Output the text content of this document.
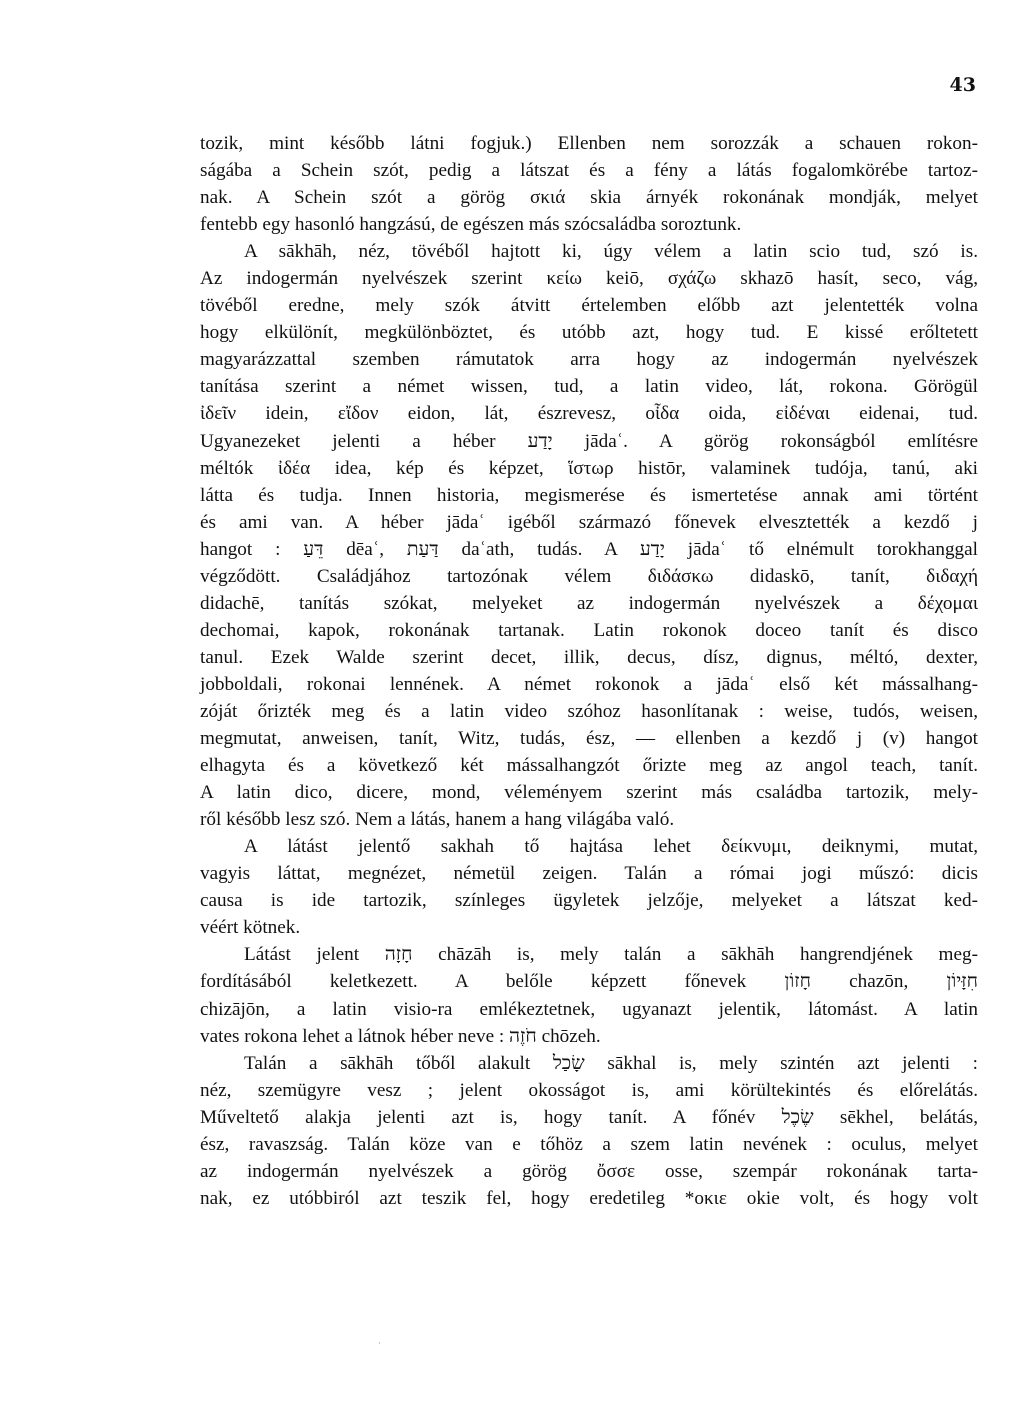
43
tozik, mint később látni fogjuk.) Ellenben nem sorozzák a schauen rokon-
ságába a Schein szót, pedig a látszat és a fény a látás fogalomkörébe tartoz-
nak. A Schein szót a görög σκιά skia árnyék rokonának mondják, melyet
fentebb egy hasonló hangzású, de egészen más szócsaládba soroztunk.
A sākhāh, néz, tövéből hajtott ki, úgy vélem a latin scio tud, szó is.
Az indogermán nyelvészek szerint κείω keiō, σχάζω skhazō hasít, seco, vág,
tövéből eredne, mely szók átvitt értelemben előbb azt jelentették volna
hogy elkülönít, megkülönböztet, és utóbb azt, hogy tud. E kissé erőltetett
magyarázzattal szemben rámutatok arra hogy az indogermán nyelvészek
tanítása szerint a német wissen, tud, a latin video, lát, rokona. Görögül
ἰδεῖν idein, εἴδον eidon, lát, észrevesz, οἶδα oida, εἰδέναι eidenai, tud.
Ugyanezeket jelenti a héber יָדַע jādaʿ. A görög rokonságból említésre
méltók ἰδέα idea, kép és képzet, ἵστωρ histōr, valaminek tudója, tanú, aki
látta és tudja. Innen historia, megismerése és ismertetése annak ami történt
és ami van. A héber jādaʿ igéből származó főnevek elvesztették a kezdő j
hangot : דֵּעַ dēaʿ, דַּעַת daʿath, tudás. A יָדַע jādaʿ tő elnémult torokhanggal
végződött. Családjához tartozónak vélem διδάσκω didaskō, tanít, διδαχή
didachē, tanítás szókat, melyeket az indogermán nyelvészek a δέχομαι
dechomai, kapok, rokonának tartanak. Latin rokonok doceo tanít és disco
tanul. Ezek Walde szerint decet, illik, decus, dísz, dignus, méltó, dexter,
jobboldali, rokonai lennének. A német rokonok a jādaʿ első két mássalhang-
zóját őrizték meg és a latin video szóhoz hasonlítanak : weise, tudós, weisen,
megmutat, anweisen, tanít, Witz, tudás, ész, — ellenben a kezdő j (v) hangot
elhagyta és a következő két mássalhangzót őrizte meg az angol teach, tanít.
A latin dico, dicere, mond, véleményem szerint más családba tartozik, mely-
ről később lesz szó. Nem a látás, hanem a hang világába való.
A látást jelentő sakhah tő hajtása lehet δείκνυμι, deiknymi, mutat,
vagyis láttat, megnézet, németül zeigen. Talán a római jogi műszó: dicis
causa is ide tartozik, színleges ügyletek jelzője, melyeket a látszat ked-
véért kötnek.
Látást jelent חָזָה chāzāh is, mely talán a sākhāh hangrendjének meg-
fordításából keletkezett. A belőle képzett főnevek חָזוֹן chazōn, חִזָּיוֹן
chizājōn, a latin visio-ra emlékeztetnek, ugyanazt jelentik, látomást. A latin
vates rokona lehet a látnok héber neve : חֹזֶה chōzeh.
Talán a sākhāh tőből alakult שָׂכַל sākhal is, mely szintén azt jelenti :
néz, szemügyre vesz ; jelent okosságot is, ami körültekintés és előrelátás.
Műveltető alakja jelenti azt is, hogy tanít. A főnév שֶׂכֶל sēkhel, belátás,
ész, ravaszság. Talán köze van e tőhöz a szem latin nevének : oculus, melyet
az indogermán nyelvészek a görög ὄσσε osse, szempár rokonának tarta-
nak, ez utóbbiról azt teszik fel, hogy eredetileg *οκιε okie volt, és hogy volt
·
